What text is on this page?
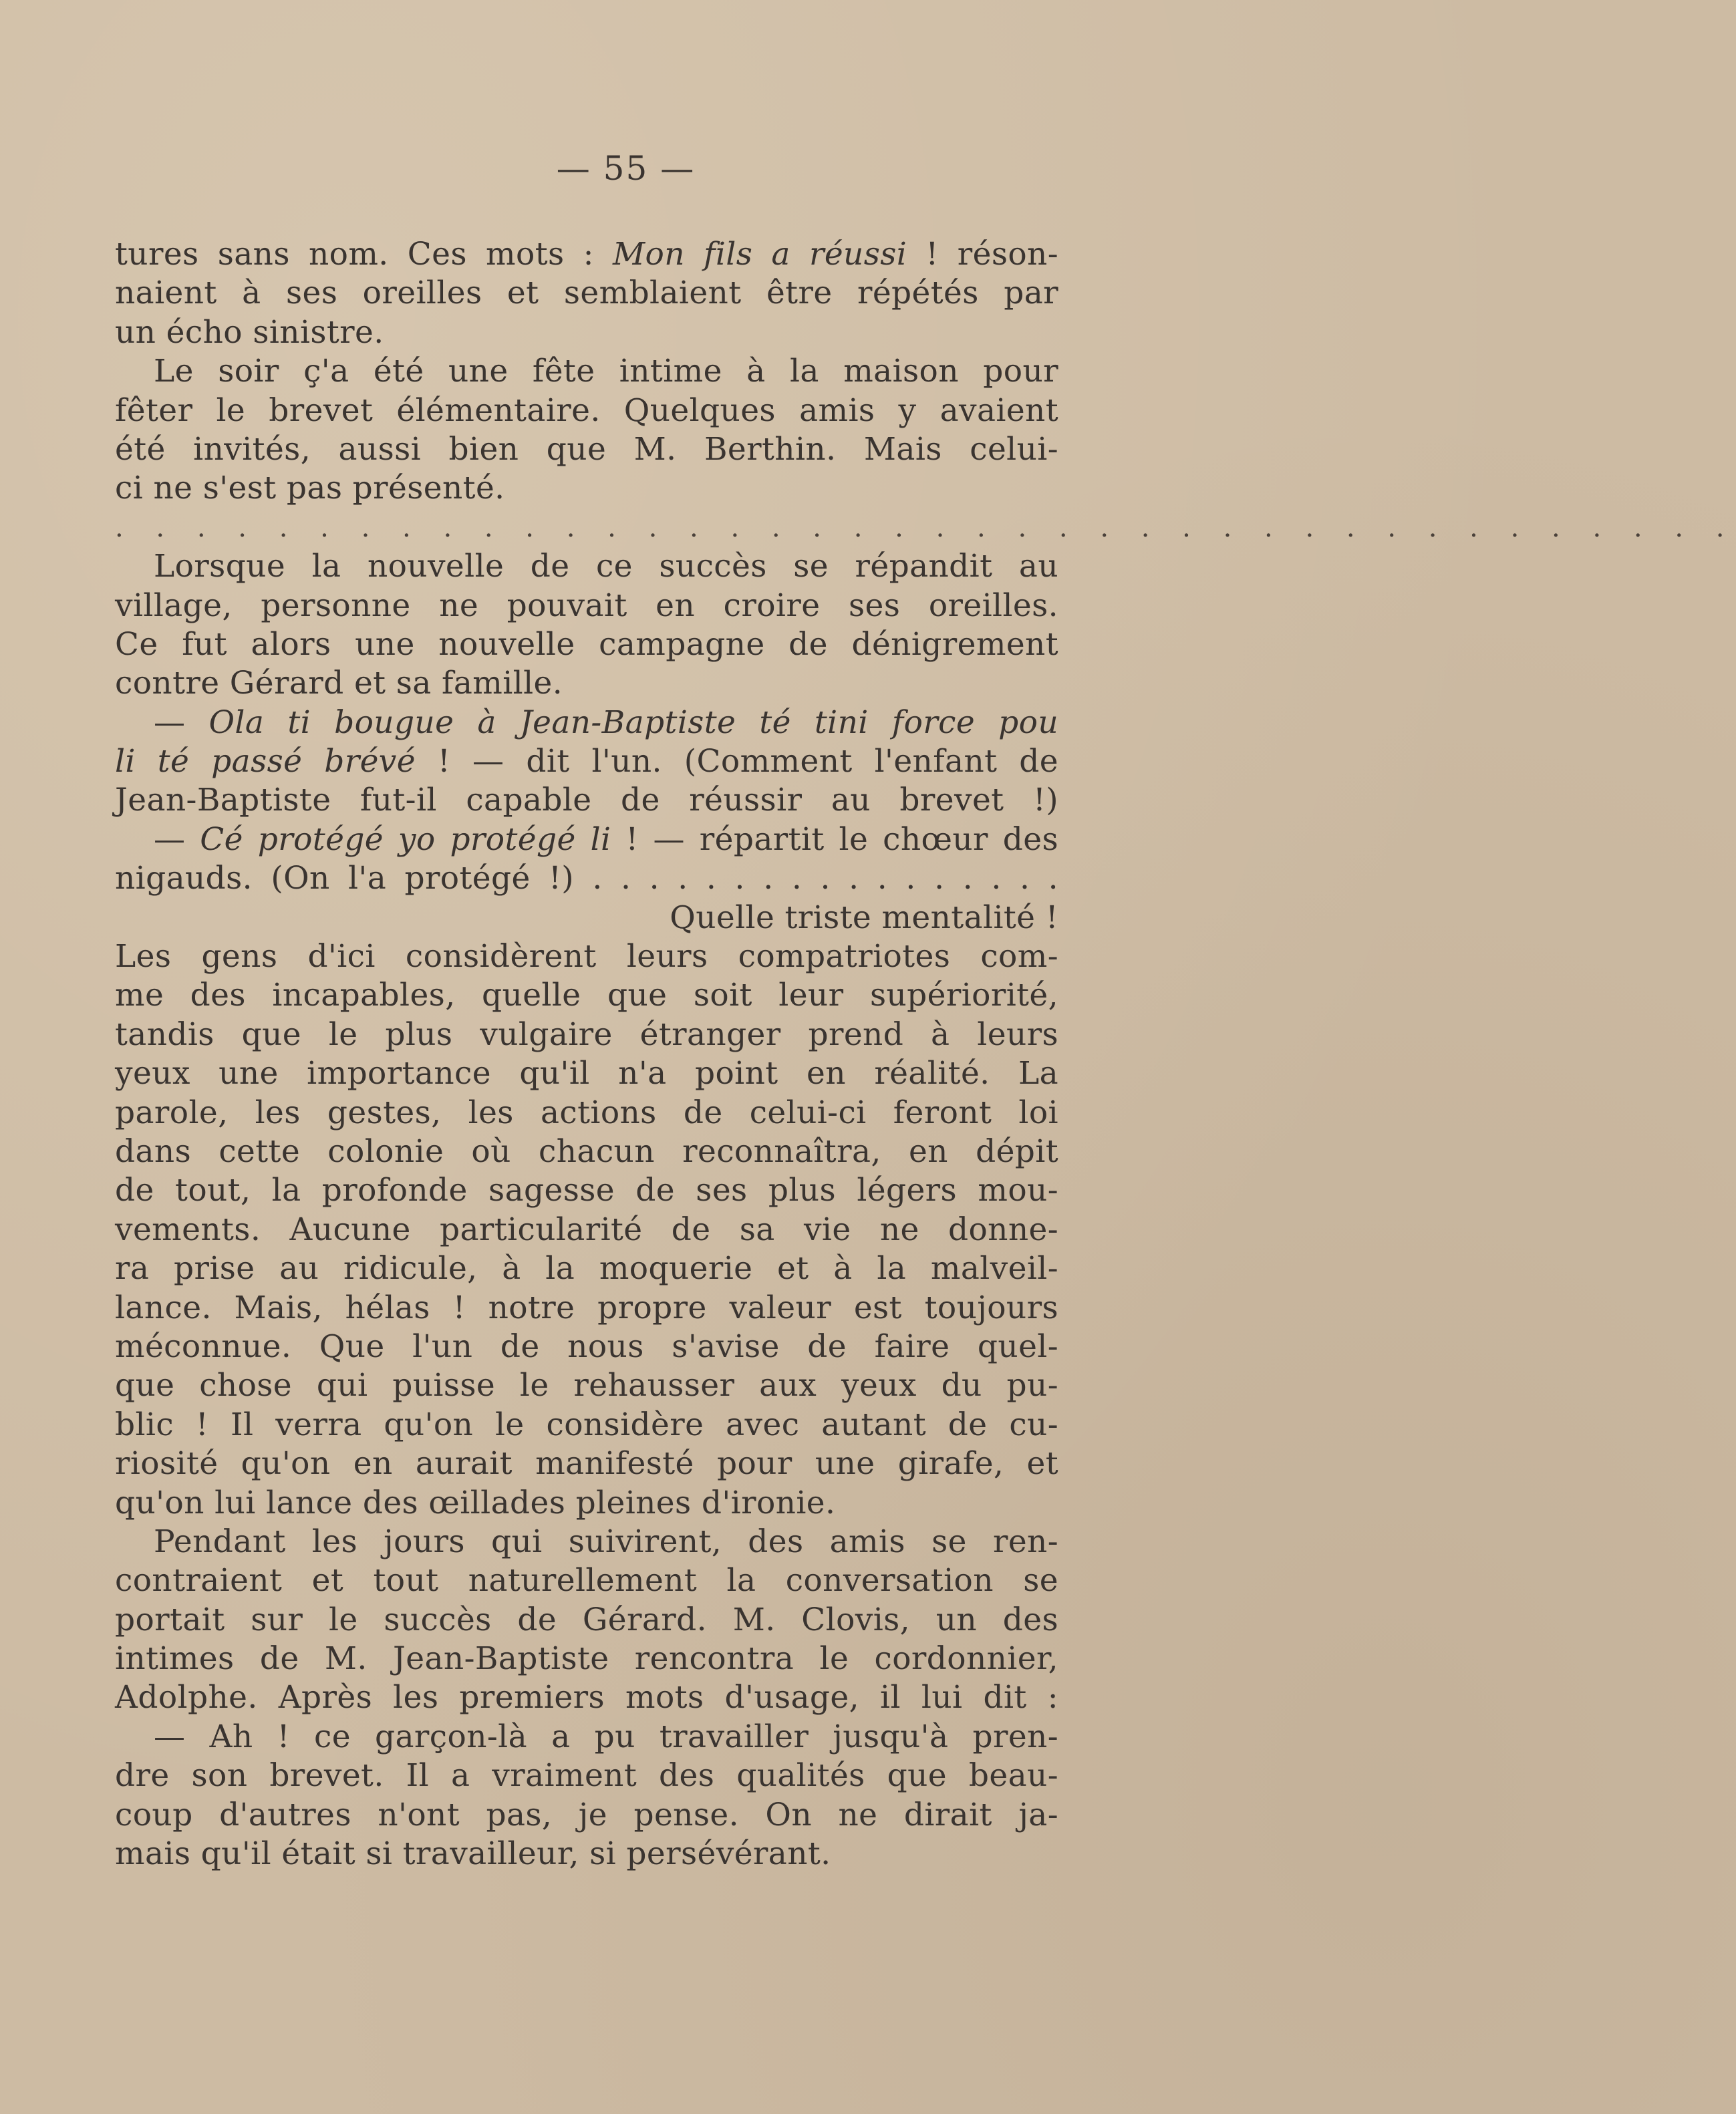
— 55 —
tures sans nom. Ces mots : Mon fils a réussi ! réson-
naient à ses oreilles et semblaient être répétés par
un écho sinistre.
Le soir ç'a été une fête intime à la maison pour
fêter le brevet élémentaire. Quelques amis y avaient
été invités, aussi bien que M. Berthin. Mais celui-
ci ne s'est pas présenté.
. . . . . . . . . . . . . . . . . . . . . . . . . . . . . . . . . . . . . . . .
Lorsque la nouvelle de ce succès se répandit au
village, personne ne pouvait en croire ses oreilles.
Ce fut alors une nouvelle campagne de dénigrement
contre Gérard et sa famille.
— Ola ti bougue à Jean-Baptiste té tini force pou
li té passé brévé ! — dit l'un. (Comment l'enfant de
Jean-Baptiste fut-il capable de réussir au brevet !)
— Cé protégé yo protégé li ! — répartit le chœur des
nigauds. (On l'a protégé !) . . . . . . . . . . . . . . . . .
Quelle triste mentalité !
Les gens d'ici considèrent leurs compatriotes com-
me des incapables, quelle que soit leur supériorité,
tandis que le plus vulgaire étranger prend à leurs
yeux une importance qu'il n'a point en réalité. La
parole, les gestes, les actions de celui-ci feront loi
dans cette colonie où chacun reconnaîtra, en dépit
de tout, la profonde sagesse de ses plus légers mou-
vements. Aucune particularité de sa vie ne donne-
ra prise au ridicule, à la moquerie et à la malveil-
lance. Mais, hélas ! notre propre valeur est toujours
méconnue. Que l'un de nous s'avise de faire quel-
que chose qui puisse le rehausser aux yeux du pu-
blic ! Il verra qu'on le considère avec autant de cu-
riosité qu'on en aurait manifesté pour une girafe, et
qu'on lui lance des œillades pleines d'ironie.
Pendant les jours qui suivirent, des amis se ren-
contraient et tout naturellement la conversation se
portait sur le succès de Gérard. M. Clovis, un des
intimes de M. Jean-Baptiste rencontra le cordonnier,
Adolphe. Après les premiers mots d'usage, il lui dit :
— Ah ! ce garçon-là a pu travailler jusqu'à pren-
dre son brevet. Il a vraiment des qualités que beau-
coup d'autres n'ont pas, je pense. On ne dirait ja-
mais qu'il était si travailleur, si persévérant.
